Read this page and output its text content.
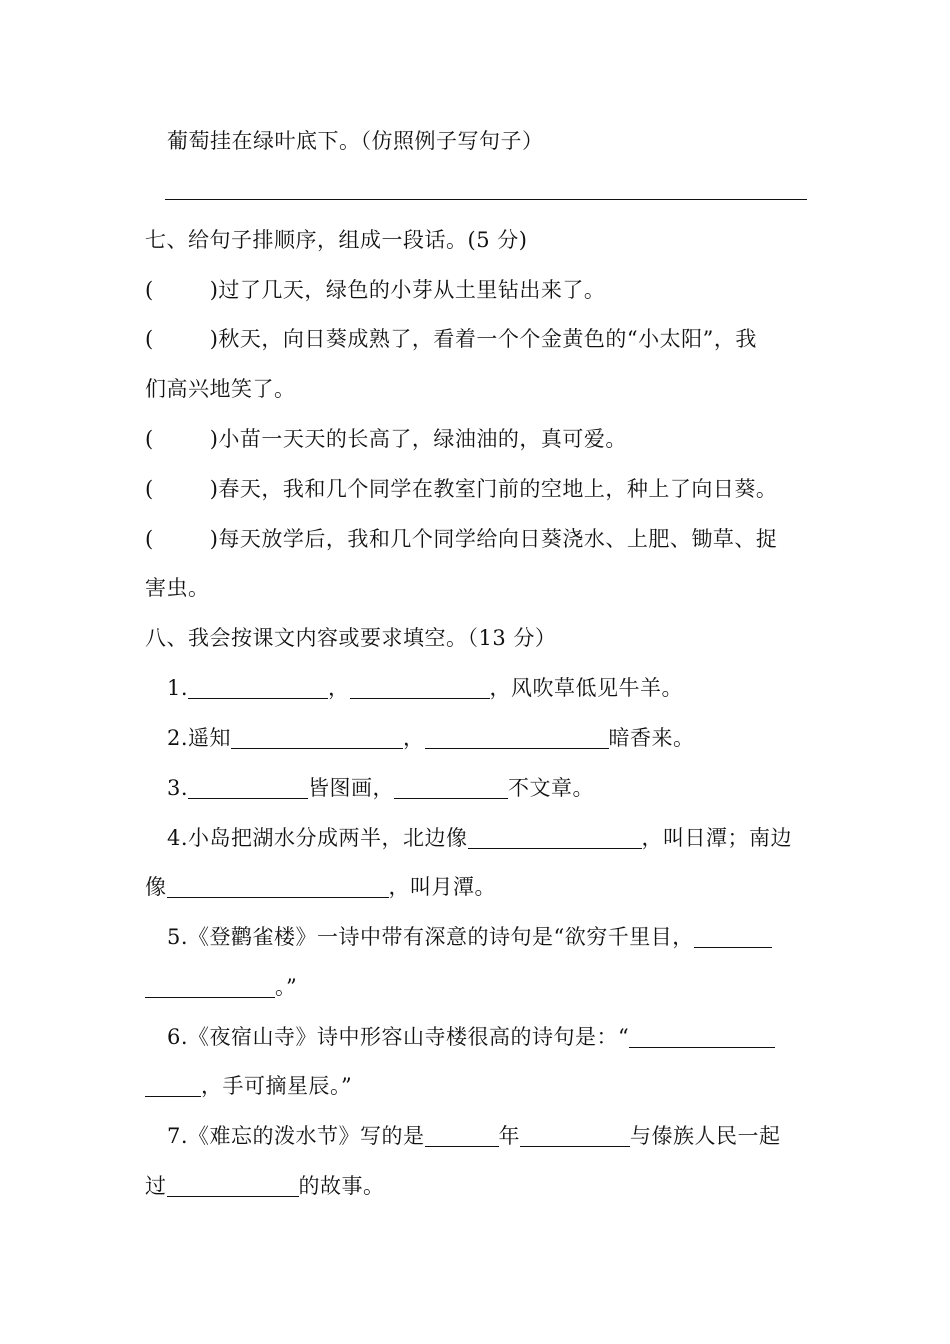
葡萄挂在绿叶底下。（仿照例子写句子）
七、给句子排顺序，组成一段话。(5 分)
(	)过了几天，绿色的小芽从土里钻出来了。
(	)秋天，向日葵成熟了，看着一个个金黄色的“小太阳”，我
们高兴地笑了。
(	)小苗一天天的长高了，绿油油的，真可爱。
(	)春天，我和几个同学在教室门前的空地上，种上了向日葵。
(	)每天放学后，我和几个同学给向日葵浇水、上肥、锄草、捉
害虫。
八、我会按课文内容或要求填空。（13 分）
1.	，	，风吹草低见牛羊。
2.遥知	，	暗香来。
3.	皆图画，	不文章。
4.小岛把湖水分成两半，北边像	，叫日潭；南边
像	，叫月潭。
5.《登鹳雀楼》一诗中带有深意的诗句是“欲穷千里目，
。”
6.《夜宿山寺》诗中形容山寺楼很高的诗句是：“
，手可摘星辰。”
7.《难忘的泼水节》写的是	年	与傣族人民一起
过	的故事。
